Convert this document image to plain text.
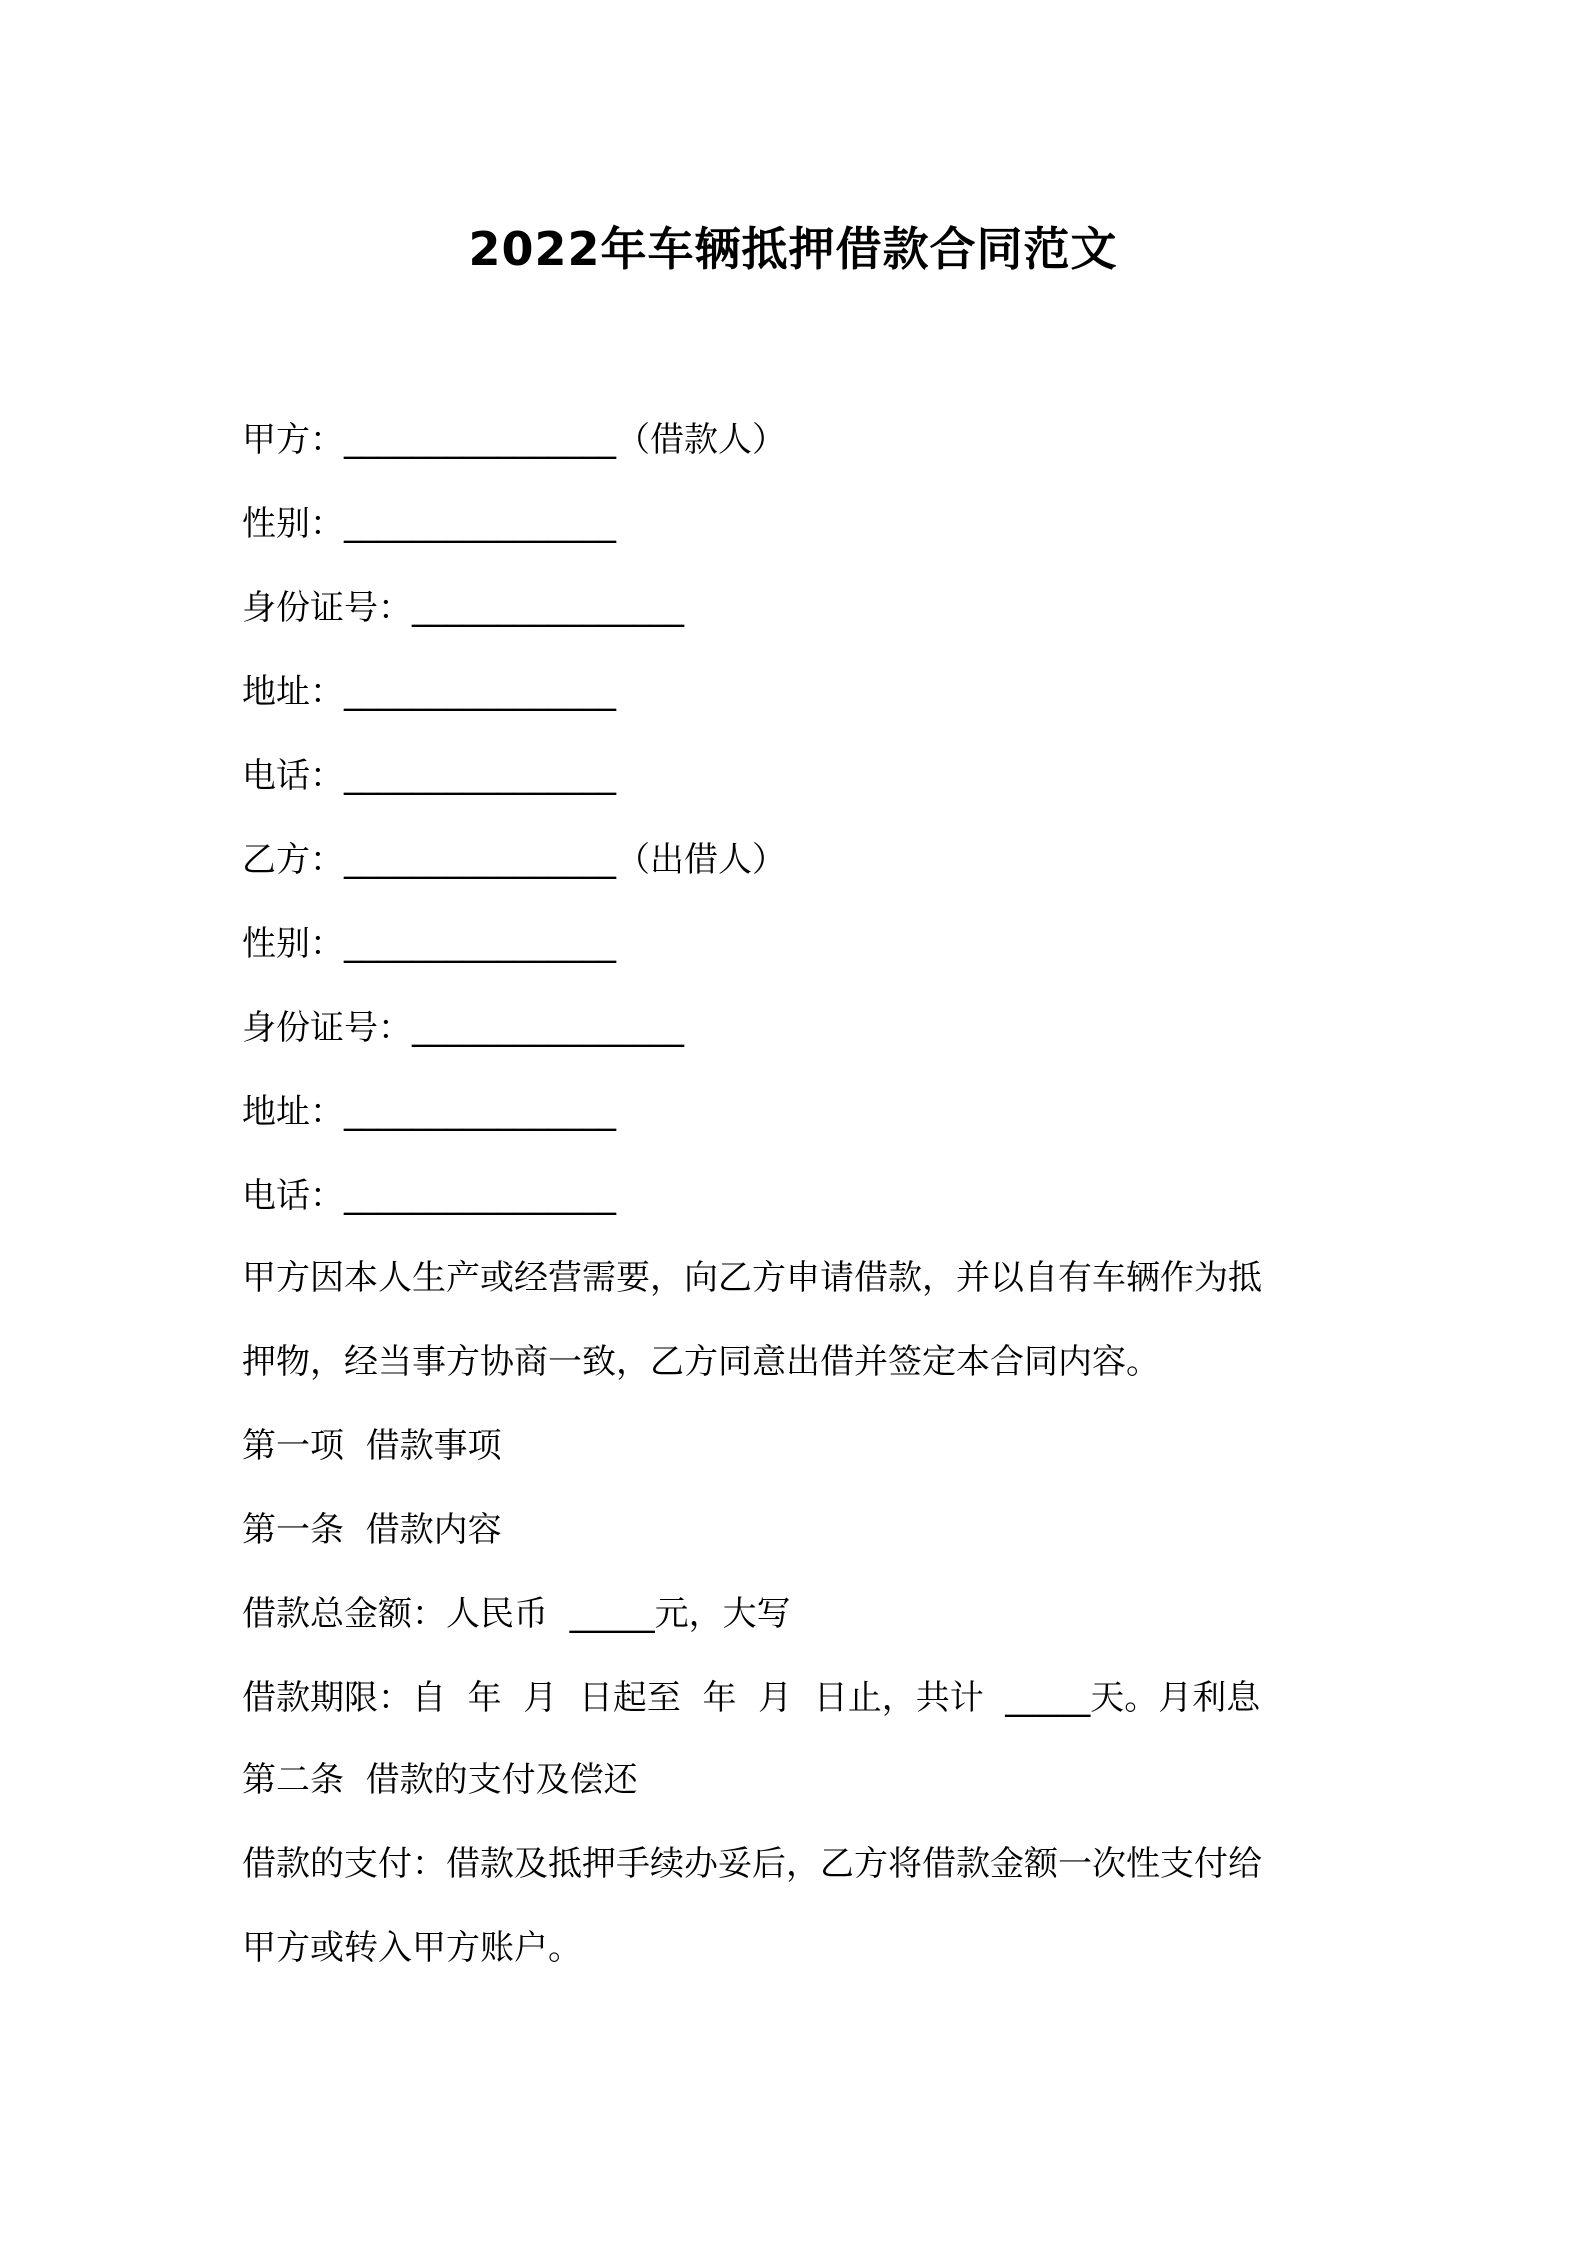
2022年车辆抵押借款合同范文
甲方：________________（借款人）
性别：________________
身份证号：________________
地址：________________
电话：________________
乙方：________________（出借人）
性别：________________
身份证号：________________
地址：________________
电话：________________
甲方因本人生产或经营需要，向乙方申请借款，并以自有车辆作为抵
押物，经当事方协商一致，乙方同意出借并签定本合同内容。
第一项  借款事项
第一条  借款内容
借款总金额：人民币  _____元，大写
借款期限：自  年  月  日起至  年  月  日止，共计  _____天。月利息
第二条  借款的支付及偿还
借款的支付：借款及抵押手续办妥后，乙方将借款金额一次性支付给
甲方或转入甲方账户。
